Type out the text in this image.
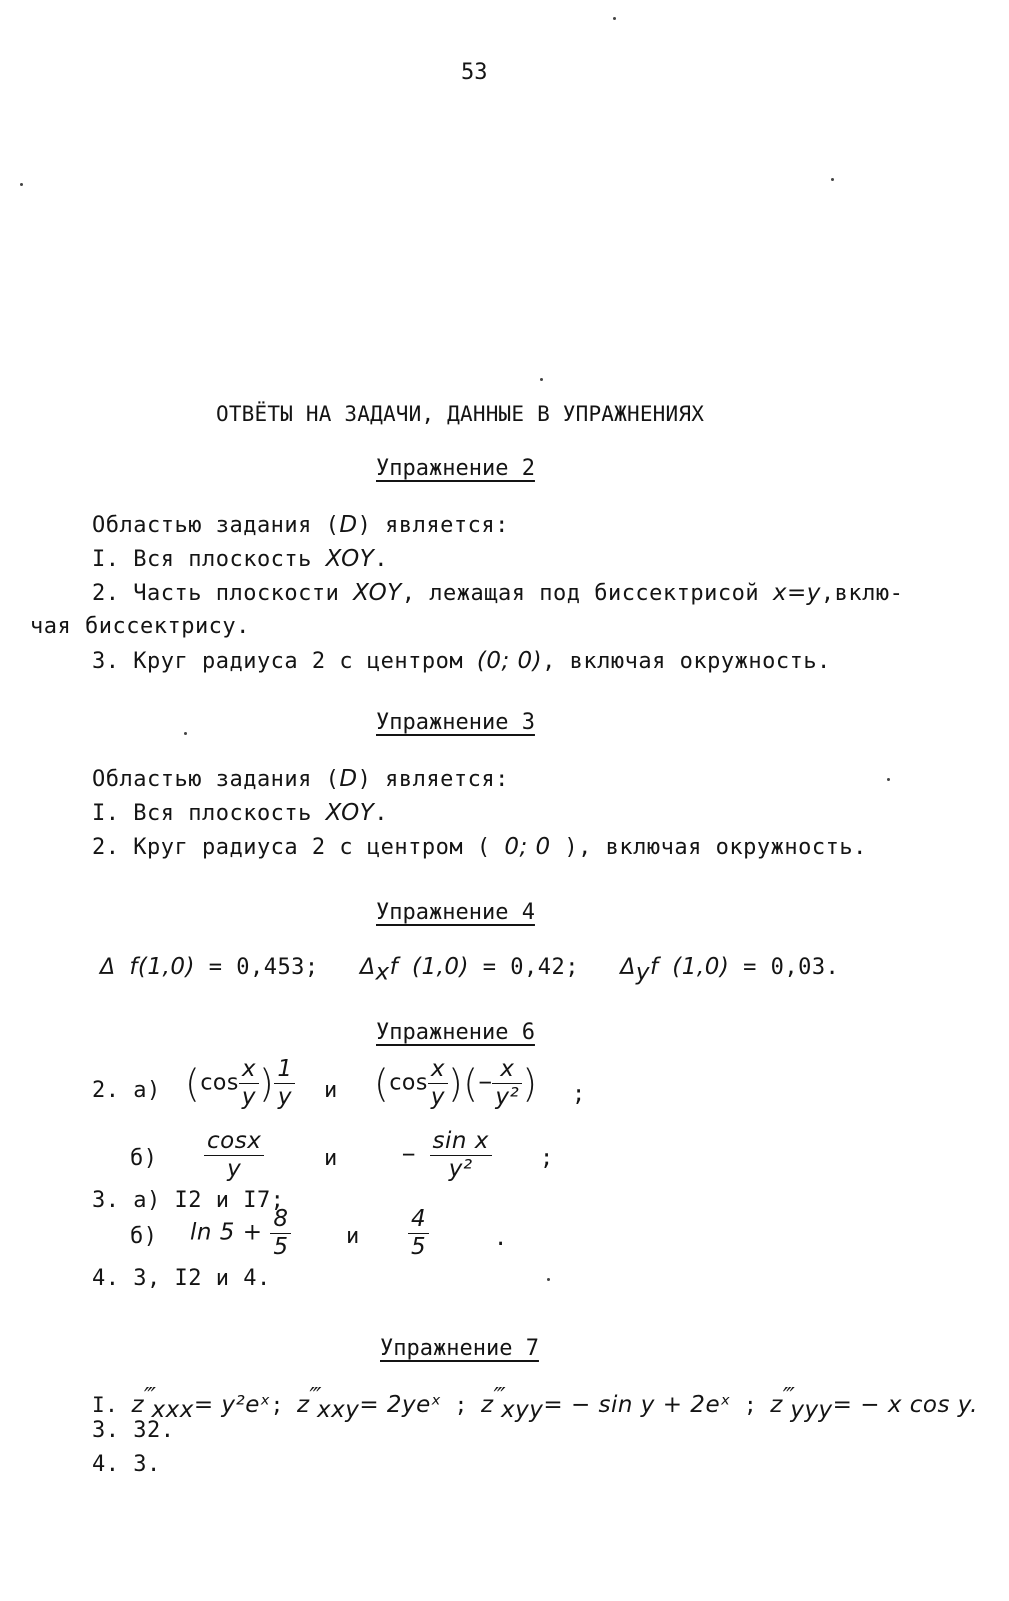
53
ОТВЁТЫ НА ЗАДАЧИ, ДАННЫЕ В УПРАЖНЕНИЯХ
Упражнение 2
Областью задания (D) является:
I. Вся плоскость XOY.
2. Часть плоскости XOY, лежащая под биссектрисой x=y,вклю-
чая биссектрису.
3. Круг радиуса 2 с центром (0; 0), включая окружность.
Упражнение 3
Областью задания (D) является:
I. Вся плоскость XOY.
2. Круг радиуса 2 с центром ( 0; 0 ), включая окружность.
Упражнение 4
Δ f(1,0) = 0,453; $\Delta_xf$ (1,0) = 0,42; $\Delta_yf$ (1,0) = 0,03.
Упражнение 6
2. а) ($\cos \frac{x}{y}$ ) $\frac{1}{y}$ и ($\cos \frac{x}{y}$ )(− $\frac{x}{\text{y²}}$ ) ;
$б) \frac{\cos x}{y}$	и	− $\frac{\text{sin x}}{\text{y²}}$ ;
3. а) I2 и I7;
б) $\ln 5 + \frac{8}{5}$ и $\frac{4}{5}$	.
4. 3, I2 и 4.
Упражнение 7
I. $z^‴_{xxx}=$ y²eˣ; $z^‴_{xxy}=$ 2yeˣ ; $z^‴_{xyy}= - \sin y$ + 2eˣ ; $z^‴_{yyy}= - x$ cos y.
3. 32.
4. 3.
